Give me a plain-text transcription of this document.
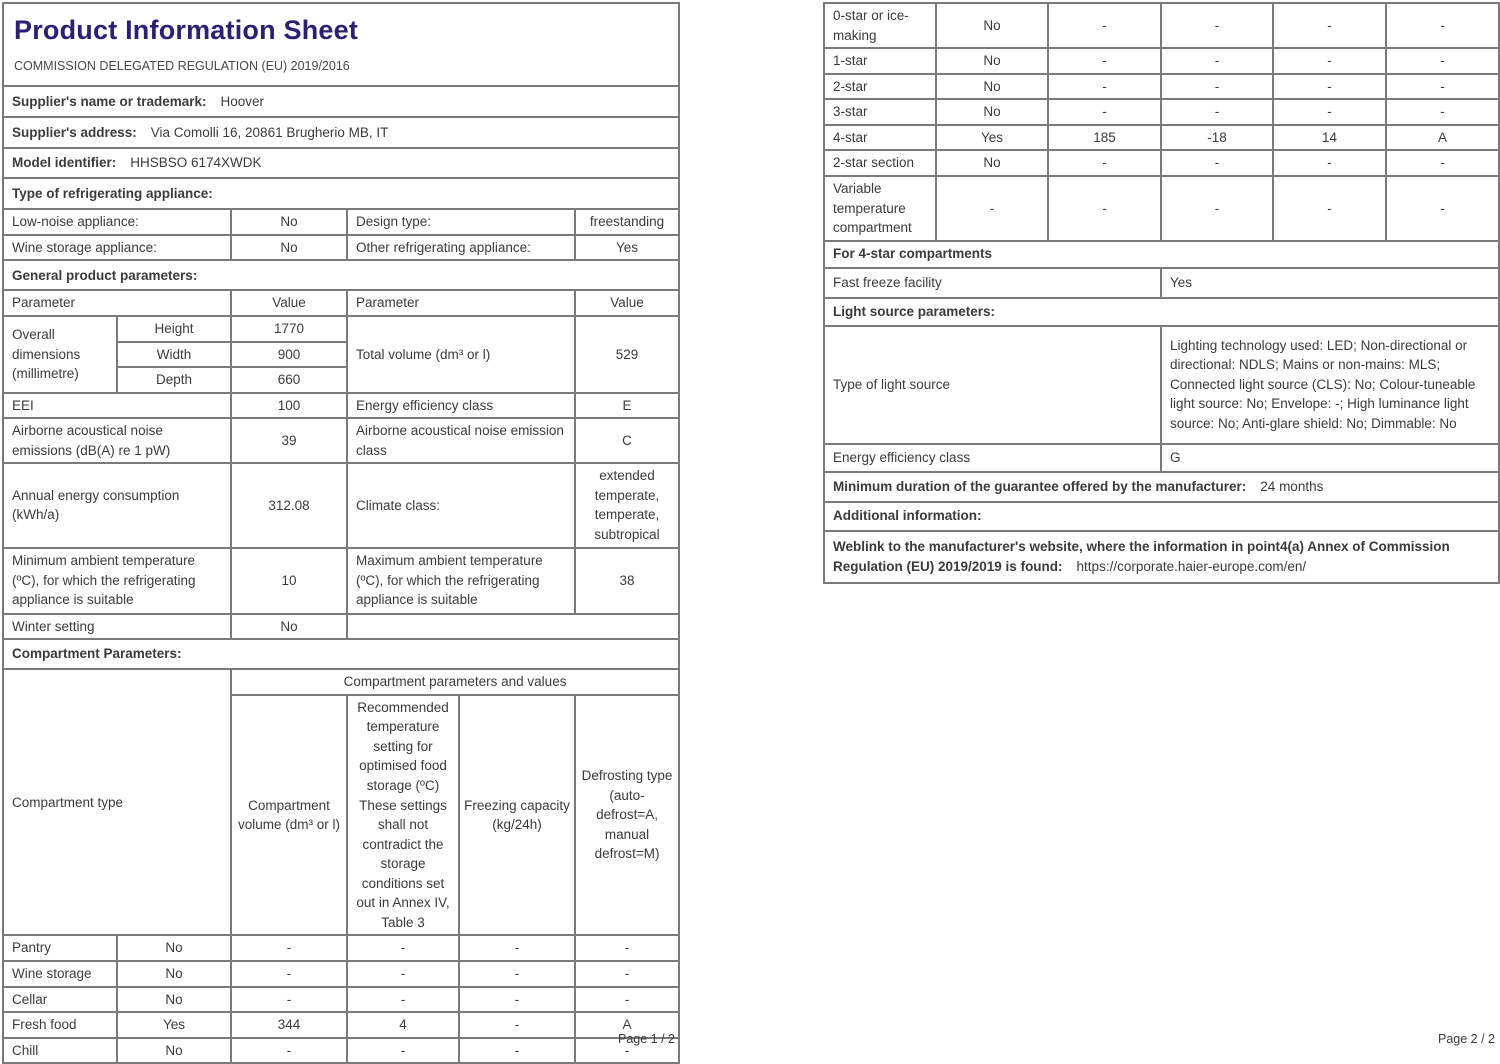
Product Information Sheet
COMMISSION DELEGATED REGULATION (EU) 2019/2016					

Supplier's name or trademark: Hoover					
Supplier's address: Via Comolli 16, 20861 Brugherio MB, IT					
Model identifier: HHSBSO 6174XWDK					
Type of refrigerating appliance:					
Low-noise appliance:		No	Design type:		freestanding
Wine storage appliance:		No	Other refrigerating appliance:		Yes
General product parameters:					
Parameter		Value	Parameter		Value
Overall dimensions (millimetre)	Height	1770	Total volume (dm³ or l)		529
	Width	900			
	Depth	660			
EEI		100	Energy efficiency class		E
Airborne acoustical noise emissions (dB(A) re 1 pW)		39	Airborne acoustical noise emission class		C
Annual energy consumption (kWh/a)		312.08	Climate class:		extended temperate, temperate, subtropical
Minimum ambient temperature (ºC), for which the refrigerating appliance is suitable		10	Maximum ambient temperature (ºC), for which the refrigerating appliance is suitable		38
Winter setting		No			
Compartment Parameters:					
Compartment type		Compartment parameters and values			
		Compartment volume (dm³ or l)	Recommended temperature setting for optimised food storage (ºC) These settings shall not contradict the storage conditions set out in Annex IV, Table 3	Freezing capacity (kg/24h)	Defrosting type (auto-defrost=A, manual defrost=M)
Pantry	No	-	-	-	-
Wine storage	No	-	-	-	-
Cellar	No	-	-	-	-
Fresh food	Yes	344	4	-	A
Chill	No	-	-	-	-
Page 1 / 2
0-star or ice-making	No	-	-	-	-
1-star	No	-	-	-	-
2-star	No	-	-	-	-
3-star	No	-	-	-	-
4-star	Yes	185	-18	14	A
2-star section	No	-	-	-	-
Variable temperature compartment	-	-	-	-	-
For 4-star compartments					
Fast freeze facility			Yes		
Light source parameters:					
Type of light source			Lighting technology used: LED; Non-directional or directional: NDLS; Mains or non-mains: MLS; Connected light source (CLS): No; Colour-tuneable light source: No; Envelope: -; High luminance light source: No; Anti-glare shield: No; Dimmable: No		
Energy efficiency class			G		
Minimum duration of the guarantee offered by the manufacturer: 24 months					
Additional information:					
Weblink to the manufacturer's website, where the information in point4(a) Annex of Commission Regulation (EU) 2019/2019 is found: https://corporate.haier-europe.com/en/					
Page 2 / 2
